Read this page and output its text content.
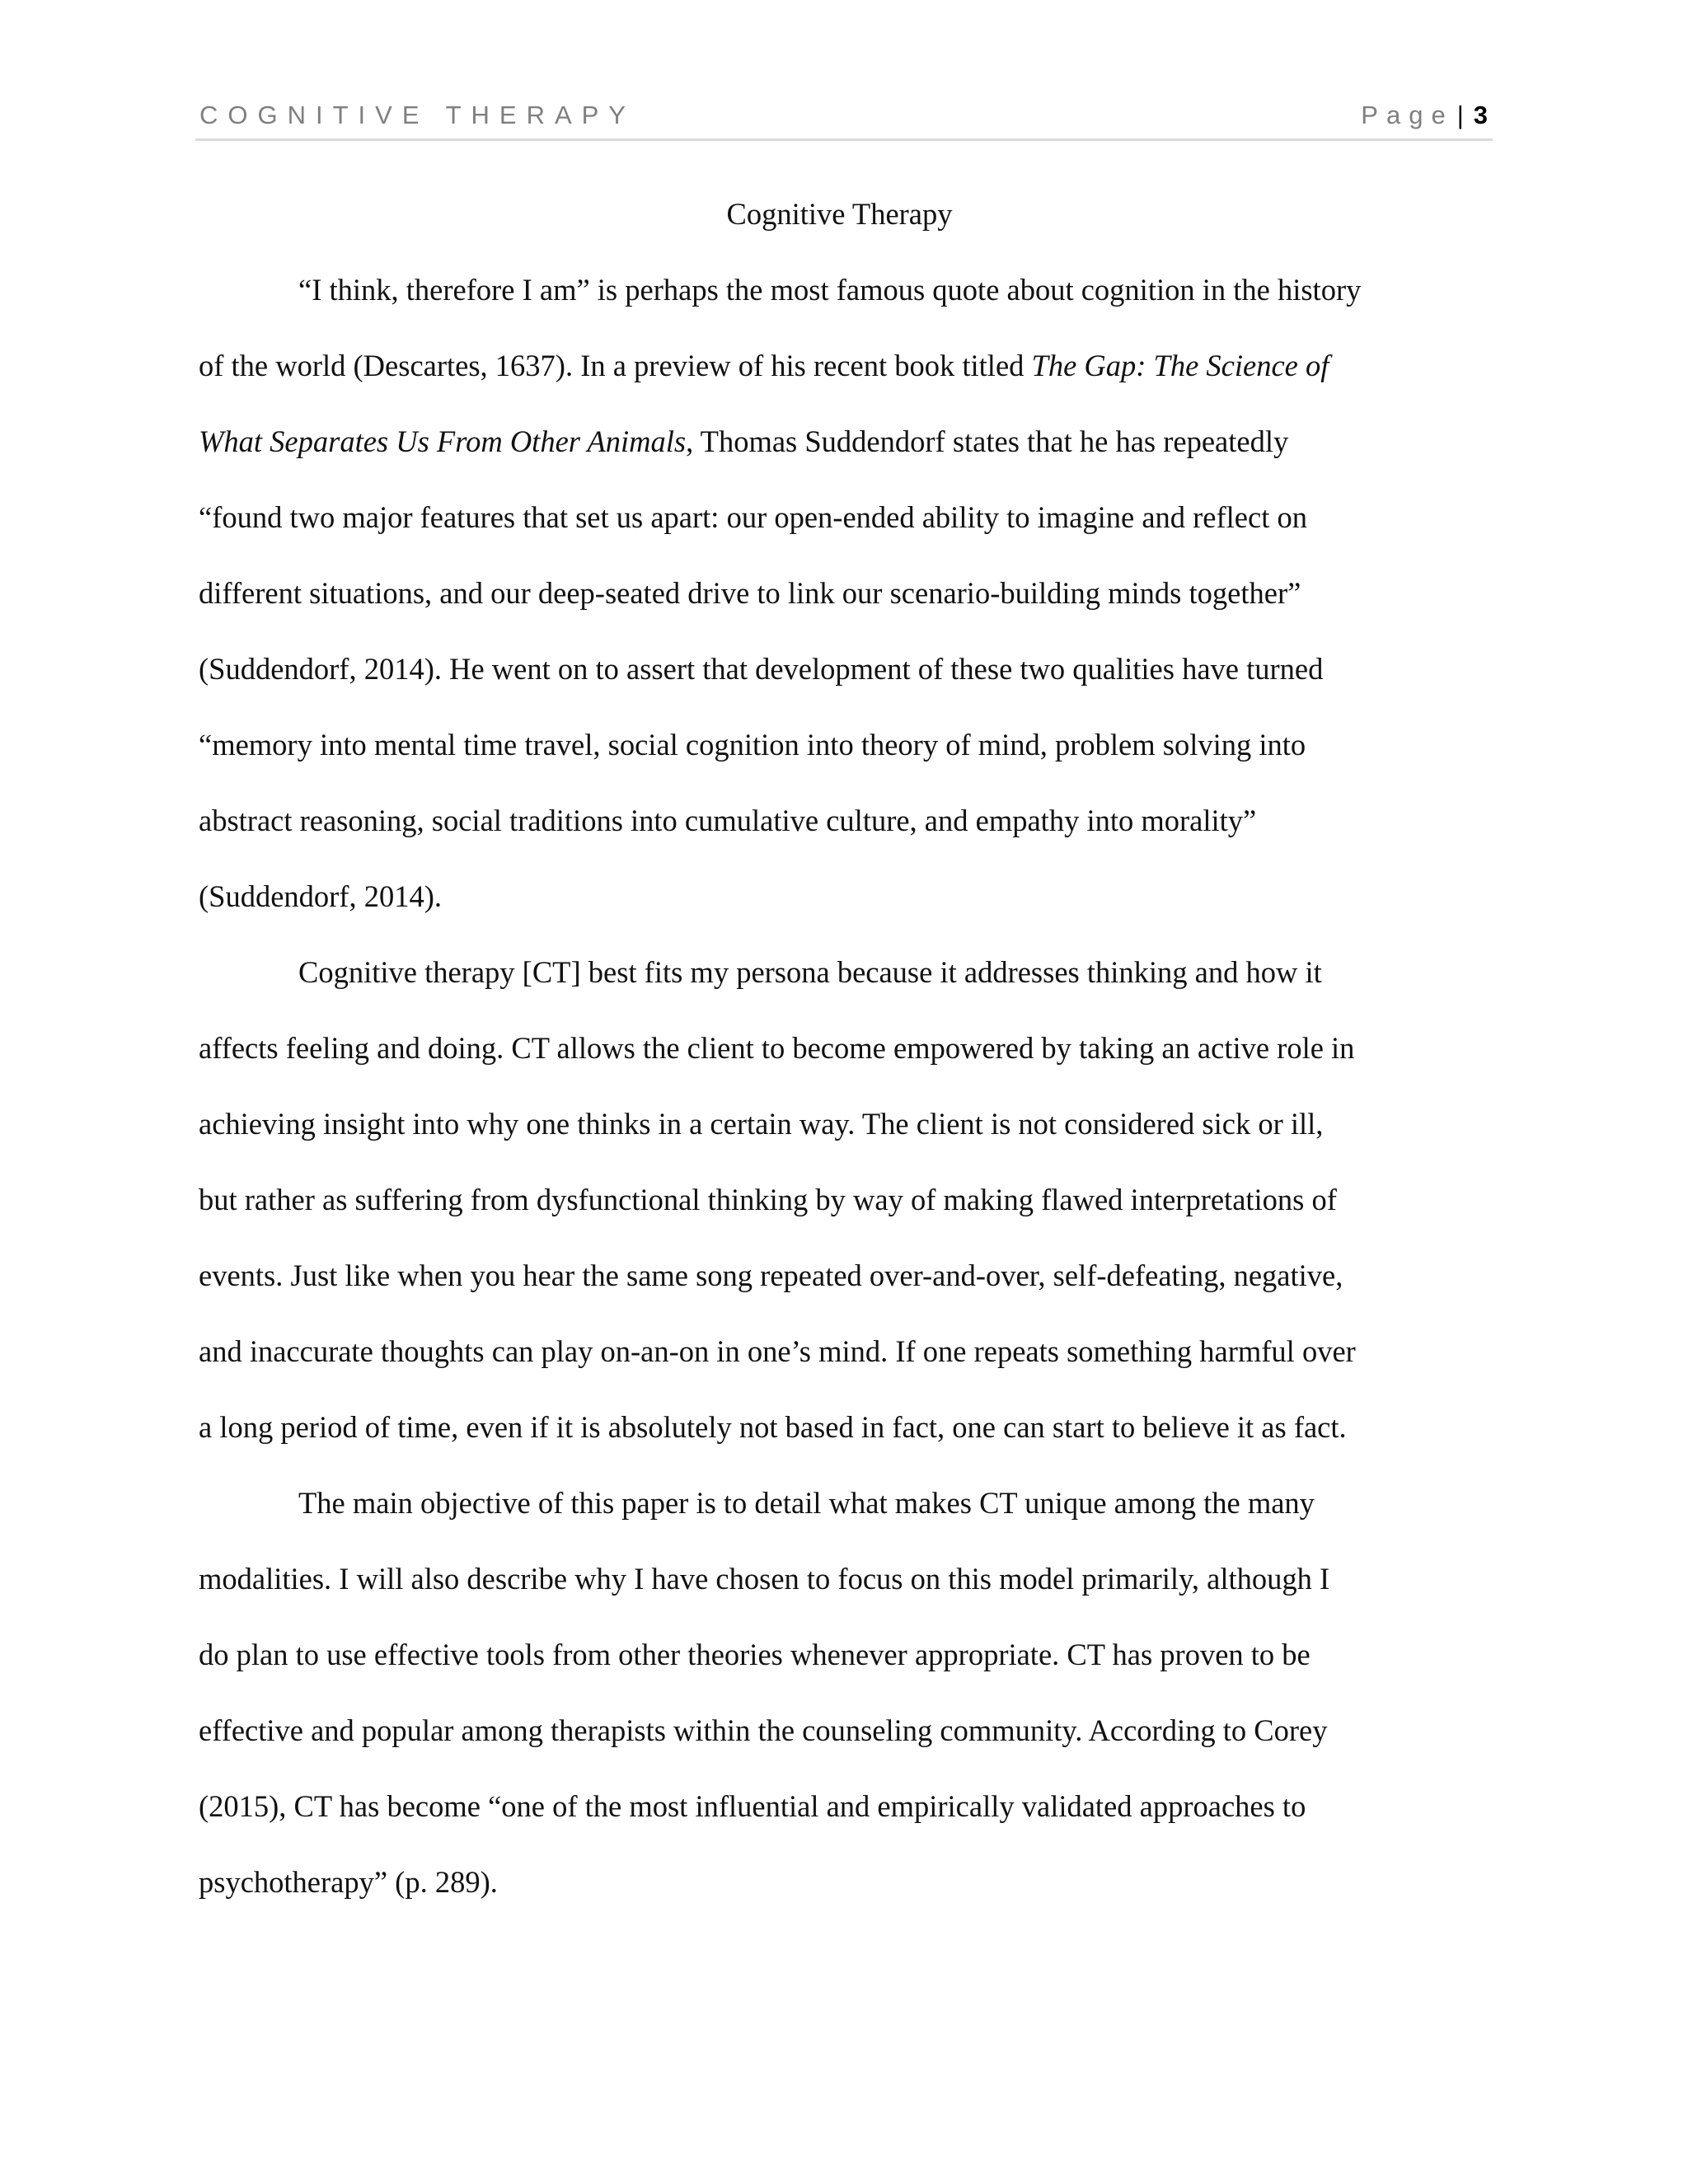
COGNITIVE THERAPY	Page | 3
Cognitive Therapy
“I think, therefore I am” is perhaps the most famous quote about cognition in the history
of the world (Descartes, 1637). In a preview of his recent book titled The Gap: The Science of
What Separates Us From Other Animals, Thomas Suddendorf states that he has repeatedly
“found two major features that set us apart: our open-ended ability to imagine and reflect on
different situations, and our deep-seated drive to link our scenario-building minds together”
(Suddendorf, 2014). He went on to assert that development of these two qualities have turned
“memory into mental time travel, social cognition into theory of mind, problem solving into
abstract reasoning, social traditions into cumulative culture, and empathy into morality”
(Suddendorf, 2014).
Cognitive therapy [CT] best fits my persona because it addresses thinking and how it
affects feeling and doing. CT allows the client to become empowered by taking an active role in
achieving insight into why one thinks in a certain way. The client is not considered sick or ill,
but rather as suffering from dysfunctional thinking by way of making flawed interpretations of
events. Just like when you hear the same song repeated over-and-over, self-defeating, negative,
and inaccurate thoughts can play on-an-on in one’s mind. If one repeats something harmful over
a long period of time, even if it is absolutely not based in fact, one can start to believe it as fact.
The main objective of this paper is to detail what makes CT unique among the many
modalities. I will also describe why I have chosen to focus on this model primarily, although I
do plan to use effective tools from other theories whenever appropriate. CT has proven to be
effective and popular among therapists within the counseling community. According to Corey
(2015), CT has become “one of the most influential and empirically validated approaches to
psychotherapy” (p. 289).
